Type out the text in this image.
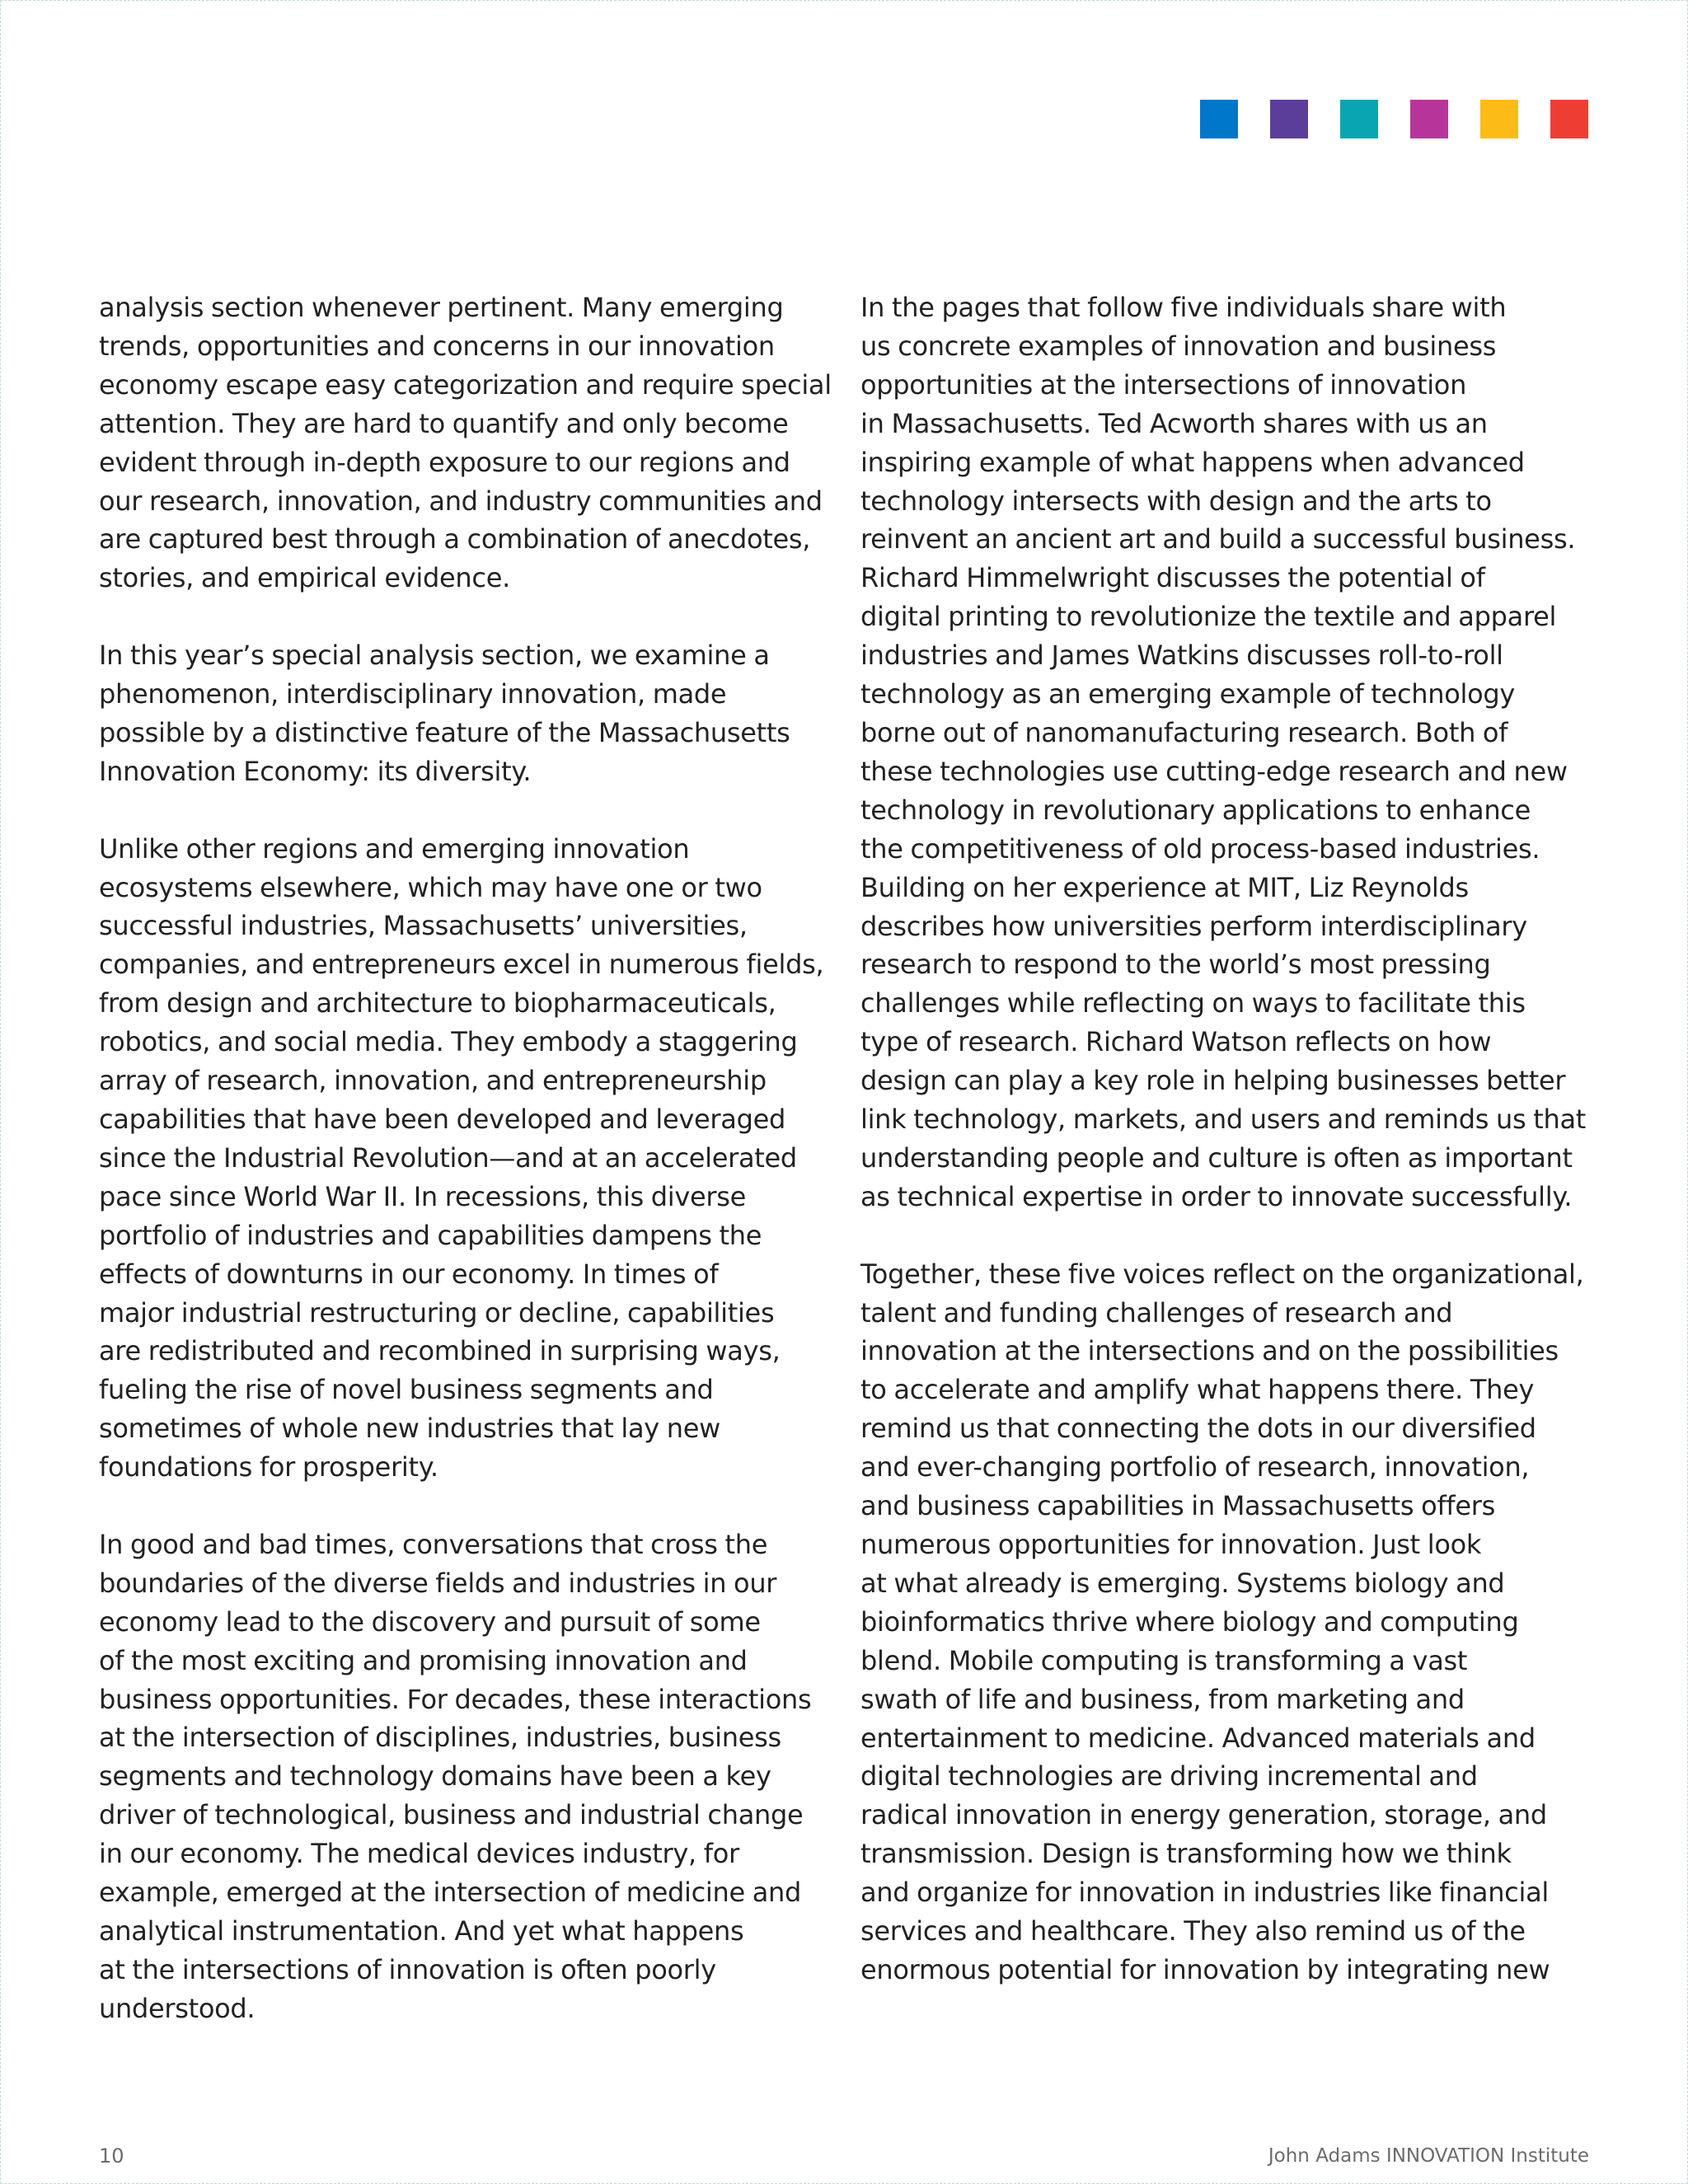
analysis section whenever pertinent. Many emerging
trends, opportunities and concerns in our innovation
economy escape easy categorization and require special
attention. They are hard to quantify and only become
evident through in-depth exposure to our regions and
our research, innovation, and industry communities and
are captured best through a combination of anecdotes,
stories, and empirical evidence.

In this year’s special analysis section, we examine a
phenomenon, interdisciplinary innovation, made
possible by a distinctive feature of the Massachusetts
Innovation Economy: its diversity.

Unlike other regions and emerging innovation
ecosystems elsewhere, which may have one or two
successful industries, Massachusetts’ universities,
companies, and entrepreneurs excel in numerous fields,
from design and architecture to biopharmaceuticals,
robotics, and social media. They embody a staggering
array of research, innovation, and entrepreneurship
capabilities that have been developed and leveraged
since the Industrial Revolution—and at an accelerated
pace since World War II. In recessions, this diverse
portfolio of industries and capabilities dampens the
effects of downturns in our economy. In times of
major industrial restructuring or decline, capabilities
are redistributed and recombined in surprising ways,
fueling the rise of novel business segments and
sometimes of whole new industries that lay new
foundations for prosperity.

In good and bad times, conversations that cross the
boundaries of the diverse fields and industries in our
economy lead to the discovery and pursuit of some
of the most exciting and promising innovation and
business opportunities. For decades, these interactions
at the intersection of disciplines, industries, business
segments and technology domains have been a key
driver of technological, business and industrial change
in our economy. The medical devices industry, for
example, emerged at the intersection of medicine and
analytical instrumentation. And yet what happens
at the intersections of innovation is often poorly
understood.

In the pages that follow five individuals share with
us concrete examples of innovation and business
opportunities at the intersections of innovation
in Massachusetts. Ted Acworth shares with us an
inspiring example of what happens when advanced
technology intersects with design and the arts to
reinvent an ancient art and build a successful business.
Richard Himmelwright discusses the potential of
digital printing to revolutionize the textile and apparel
industries and James Watkins discusses roll-to-roll
technology as an emerging example of technology
borne out of nanomanufacturing research. Both of
these technologies use cutting-edge research and new
technology in revolutionary applications to enhance
the competitiveness of old process-based industries.
Building on her experience at MIT, Liz Reynolds
describes how universities perform interdisciplinary
research to respond to the world’s most pressing
challenges while reflecting on ways to facilitate this
type of research. Richard Watson reflects on how
design can play a key role in helping businesses better
link technology, markets, and users and reminds us that
understanding people and culture is often as important
as technical expertise in order to innovate successfully.

Together, these five voices reflect on the organizational,
talent and funding challenges of research and
innovation at the intersections and on the possibilities
to accelerate and amplify what happens there. They
remind us that connecting the dots in our diversified
and ever-changing portfolio of research, innovation,
and business capabilities in Massachusetts offers
numerous opportunities for innovation. Just look
at what already is emerging. Systems biology and
bioinformatics thrive where biology and computing
blend. Mobile computing is transforming a vast
swath of life and business, from marketing and
entertainment to medicine. Advanced materials and
digital technologies are driving incremental and
radical innovation in energy generation, storage, and
transmission. Design is transforming how we think
and organize for innovation in industries like financial
services and healthcare. They also remind us of the
enormous potential for innovation by integrating new

10	John Adams INNOVATION Institute
